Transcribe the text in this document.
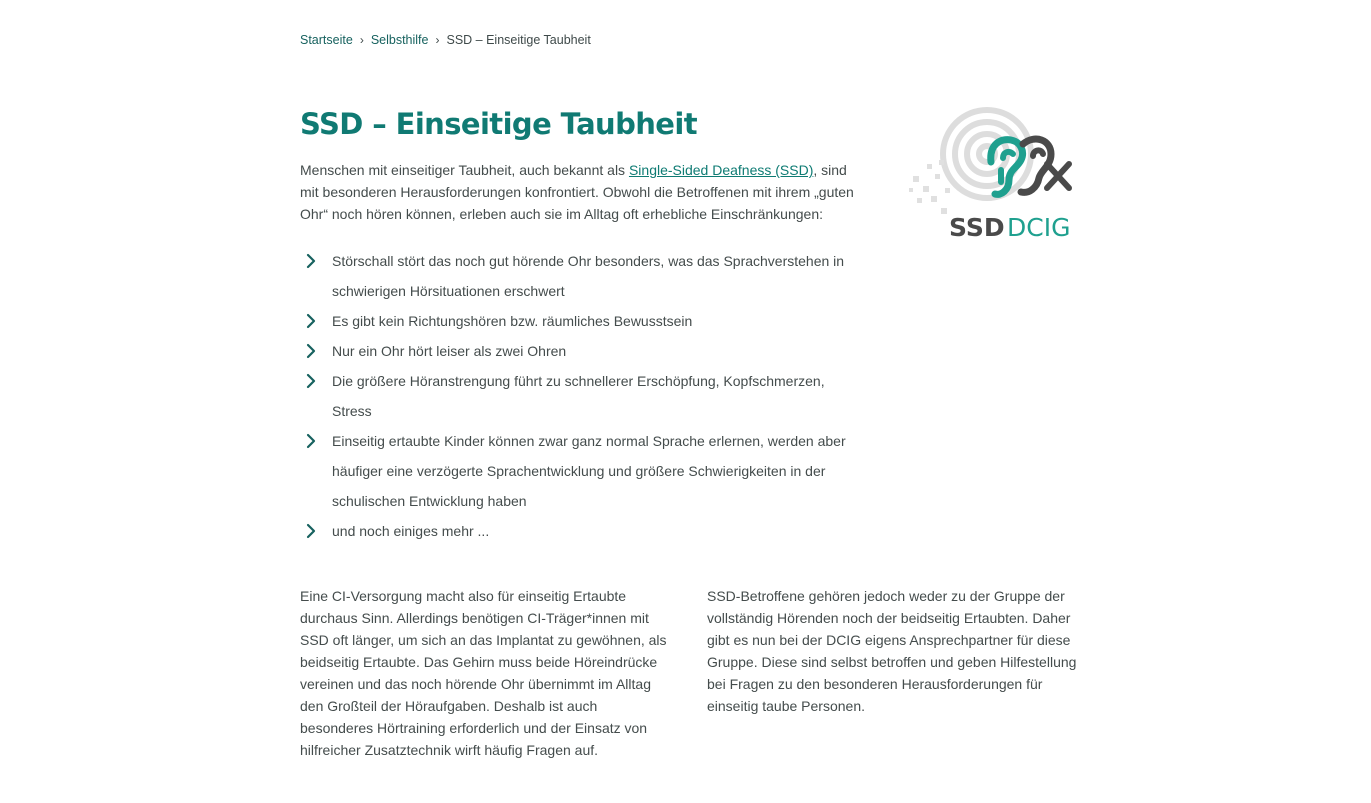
Startseite › Selbsthilfe › SSD – Einseitige Taubheit
SSD – Einseitige Taubheit

Menschen mit einseitiger Taubheit, auch bekannt als Single-Sided Deafness (SSD), sind mit besonderen Herausforderungen konfrontiert. Obwohl die Betroffenen mit ihrem „guten Ohr“ noch hören können, erleben auch sie im Alltag oft erhebliche Einschränkungen:

Störschall stört das noch gut hörende Ohr besonders, was das Sprachverstehen in schwierigen Hörsituationen erschwert
Es gibt kein Richtungshören bzw. räumliches Bewusstsein
Nur ein Ohr hört leiser als zwei Ohren
Die größere Höranstrengung führt zu schnellerer Erschöpfung, Kopfschmerzen, Stress
Einseitig ertaubte Kinder können zwar ganz normal Sprache erlernen, werden aber häufiger eine verzögerte Sprachentwicklung und größere Schwierigkeiten in der schulischen Entwicklung haben
und noch einiges mehr ...

Eine CI-Versorgung macht also für einseitig Ertaubte durchaus Sinn. Allerdings benötigen CI-Träger*innen mit SSD oft länger, um sich an das Implantat zu gewöhnen, als beidseitig Ertaubte. Das Gehirn muss beide Höreindrücke vereinen und das noch hörende Ohr übernimmt im Alltag den Großteil der Höraufgaben. Deshalb ist auch besonderes Hörtraining erforderlich und der Einsatz von hilfreicher Zusatztechnik wirft häufig Fragen auf.

SSD-Betroffene gehören jedoch weder zu der Gruppe der vollständig Hörenden noch der beidseitig Ertaubten. Daher gibt es nun bei der DCIG eigens Ansprechpartner für diese Gruppe. Diese sind selbst betroffen und geben Hilfestellung bei Fragen zu den besonderen Herausforderungen für einseitig taube Personen.

SSD DCIG
